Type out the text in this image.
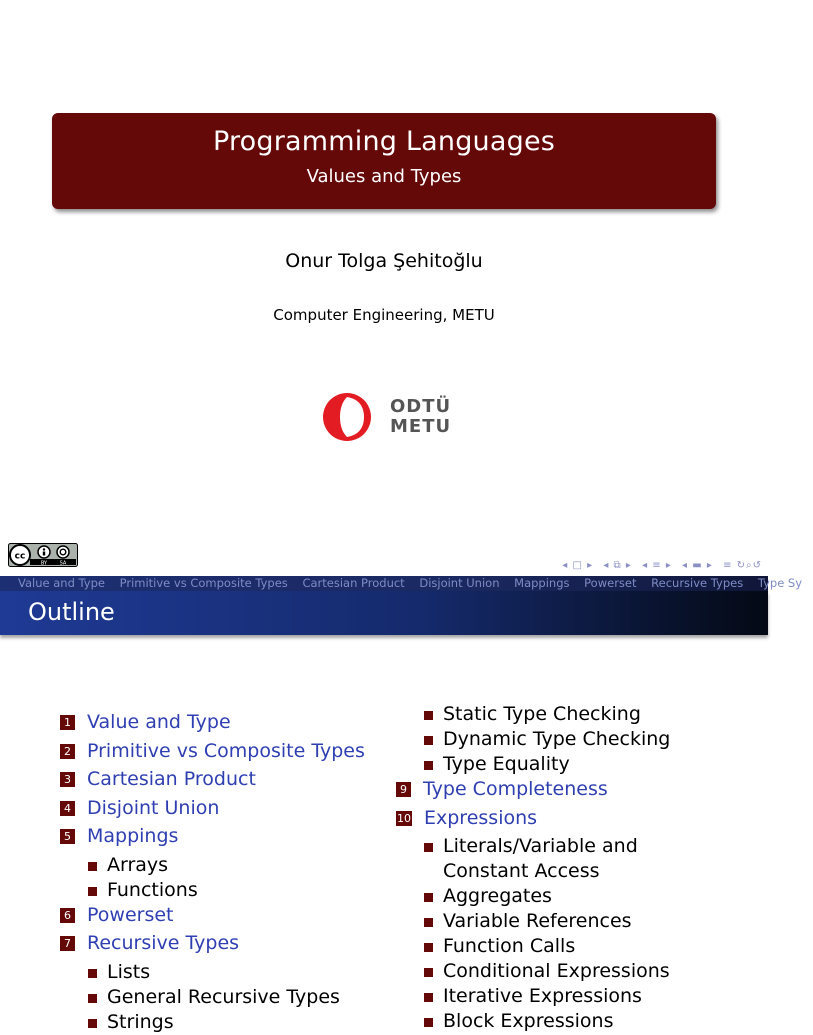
Programming Languages
Values and Types
Onur Tolga Şehitoğlu
Computer Engineering, METU
ODTÜ
METU
cc
BY	SA	◂ □ ▸ ◂ ⧉ ▸ ◂ ≡ ▸ ◂ ▬ ▸ ≡ ↻⌕↺
Value and Type Primitive vs Composite Types Cartesian Product Disjoint Union Mappings Powerset Recursive Types Type Sy
Outline
1 Value and Type
2 Primitive vs Composite Types
3 Cartesian Product
4 Disjoint Union
5 Mappings
Arrays
Functions
6 Powerset
7 Recursive Types
Lists
General Recursive Types
Strings
Static Type Checking
Dynamic Type Checking
Type Equality
9 Type Completeness
10 Expressions
Literals/Variable and
Constant Access
Aggregates
Variable References
Function Calls
Conditional Expressions
Iterative Expressions
Block Expressions
